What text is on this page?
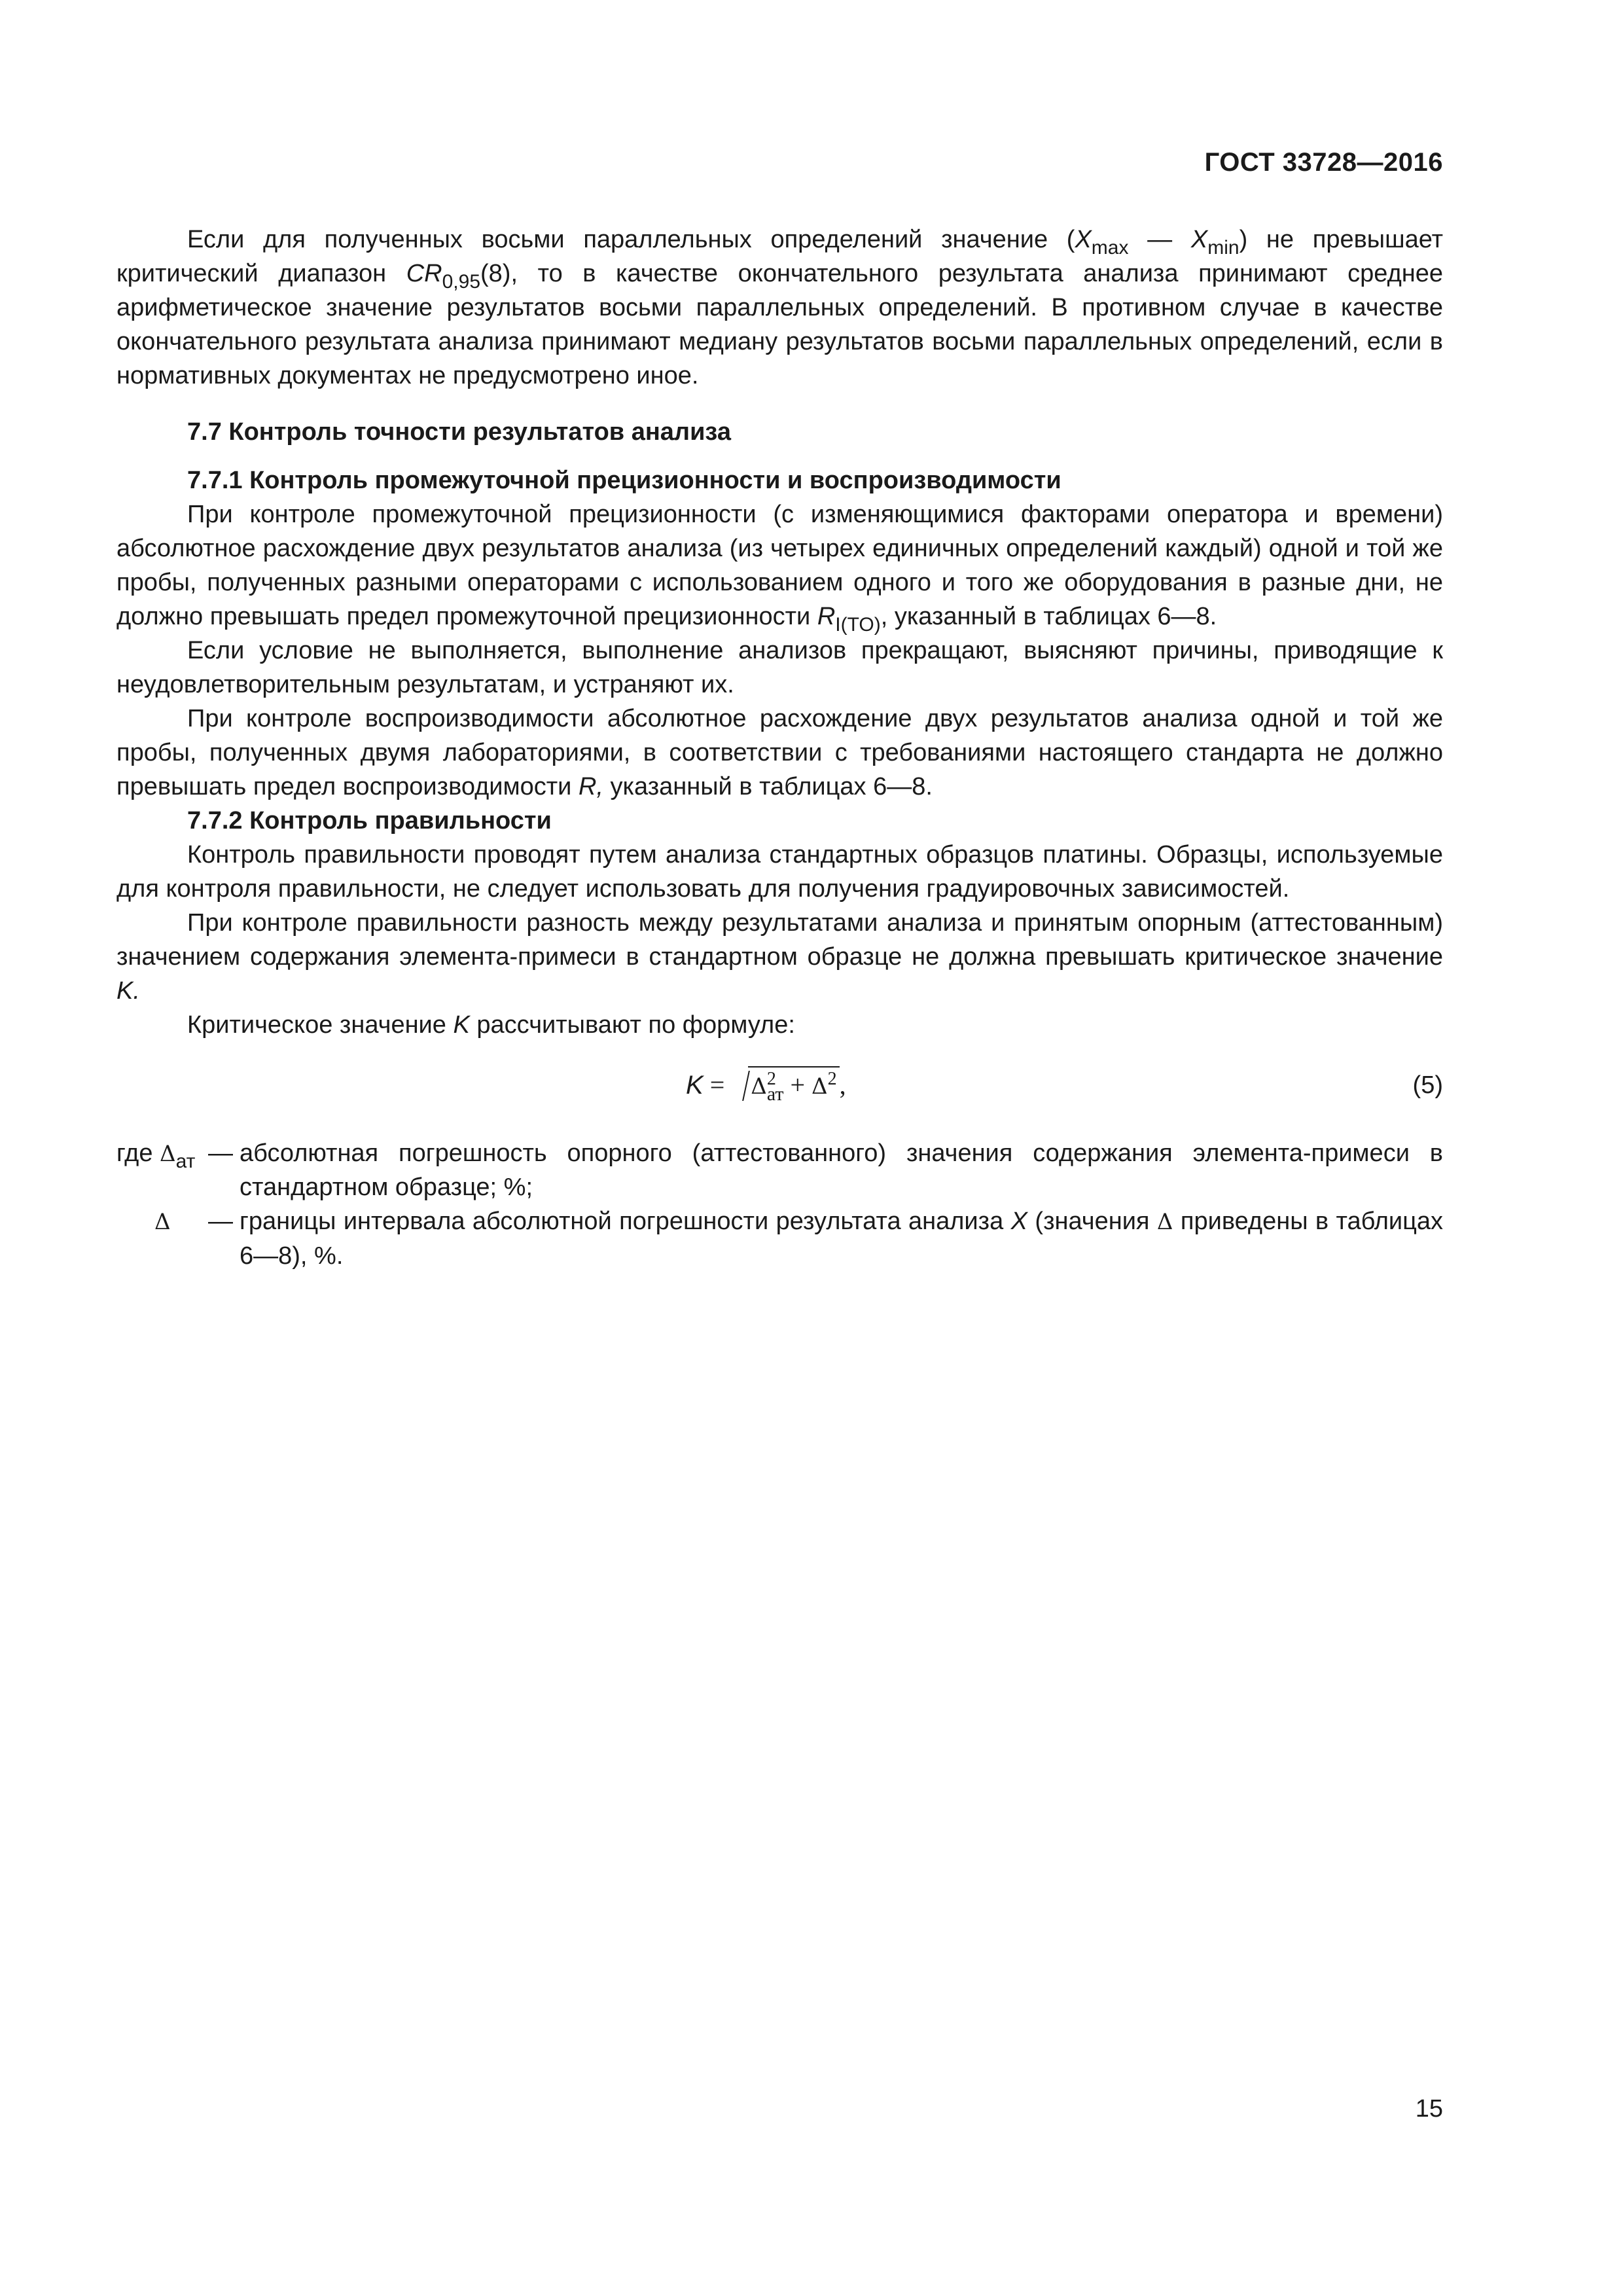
ГОСТ 33728—2016

Если для полученных восьми параллельных определений значение ($X_{max}$ — $X_{min}$) не превышает критический диапазон $CR_{0,95}(8)$, то в качестве окончательного результата анализа принимают среднее арифметическое значение результатов восьми параллельных определений. В противном случае в качестве окончательного результата анализа принимают медиану результатов восьми параллельных определений, если в нормативных документах не предусмотрено иное.

7.7 Контроль точности результатов анализа
7.7.1 Контроль промежуточной прецизионности и воспроизводимости

При контроле промежуточной прецизионности (с изменяющимися факторами оператора и времени) абсолютное расхождение двух результатов анализа (из четырех единичных определений каждый) одной и той же пробы, полученных разными операторами с использованием одного и того же оборудования в разные дни, не должно превышать предел промежуточной прецизионности $R_{I(TO)}$, указанный в таблицах 6—8.

Если условие не выполняется, выполнение анализов прекращают, выясняют причины, приводящие к неудовлетворительным результатам, и устраняют их.

При контроле воспроизводимости абсолютное расхождение двух результатов анализа одной и той же пробы, полученных двумя лабораториями, в соответствии с требованиями настоящего стандарта не должно превышать предел воспроизводимости R, указанный в таблицах 6—8.

7.7.2 Контроль правильности

Контроль правильности проводят путем анализа стандартных образцов платины. Образцы, используемые для контроля правильности, не следует использовать для получения градуировочных зависимостей.

При контроле правильности разность между результатами анализа и принятым опорным (аттестованным) значением содержания элемента-примеси в стандартном образце не должна превышать критическое значение K.

Критическое значение K рассчитывают по формуле:

$K = \Delta^2_{ат} + \Delta^2$ ,	(5)
где $\Delta_{ат}$ — абсолютная погрешность опорного (аттестованного) значения содержания элемента-примеси в стандартном образце; %;
Δ	— границы интервала абсолютной погрешности результата анализа X (значения Δ приведены в таблицах 6—8), %.
15
